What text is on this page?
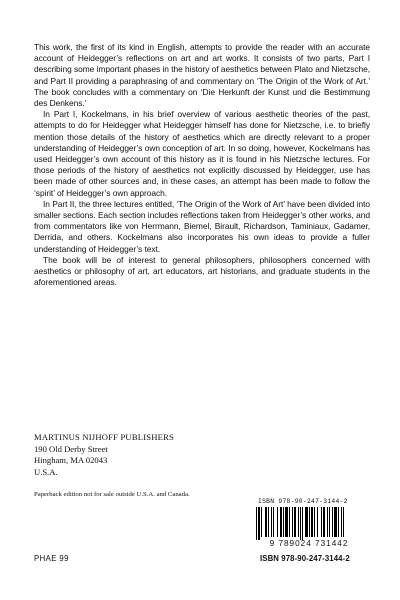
This work, the first of its kind in English, attempts to provide the reader with an accurate account of Heidegger’s reflections on art and art works. It consists of two parts, Part I describing some important phases in the history of aesthetics between Plato and Nietzsche, and Part II providing a paraphrasing of and commentary on ‘The Origin of the Work of Art.’ The book concludes with a commentary on ‘Die Herkunft der Kunst und die Bestimmung des Denkens.’

In Part I, Kockelmans, in his brief overview of various aesthetic theories of the past, attempts to do for Heidegger what Heidegger himself has done for Nietzsche, i.e. to briefly mention those details of the history of aesthetics which are directly relevant to a proper understanding of Heidegger’s own conception of art. In so doing, however, Kockelmans has used Heidegger’s own account of this history as it is found in his Nietzsche lectures. For those periods of the history of aesthetics not explicitly discussed by Heidegger, use has been made of other sources and, in these cases, an attempt has been made to follow the ‘spirit’ of Heidegger’s own approach.

In Part II, the three lectures entitled, ‘The Origin of the Work of Art’ have been divided into smaller sections. Each section includes reflections taken from Heidegger’s other works, and from commentators like von Herrmann, Biemel, Birault, Richardson, Taminiaux, Gadamer, Derrida, and others. Kockelmans also incorporates his own ideas to provide a fuller understanding of Heidegger’s text.

The book will be of interest to general philosophers, philosophers concerned with aesthetics or philosophy of art, art educators, art historians, and graduate students in the aforementioned areas.

MARTINUS NIJHOFF PUBLISHERS
190 Old Derby Street
Hingham, MA 02043
U.S.A.
Paperback edition not for sale outside U.S.A. and Canada.
PHAE 99
ISBN 978-90-247-3144-2
9 789024 731442
ISBN 978-90-247-3144-2
